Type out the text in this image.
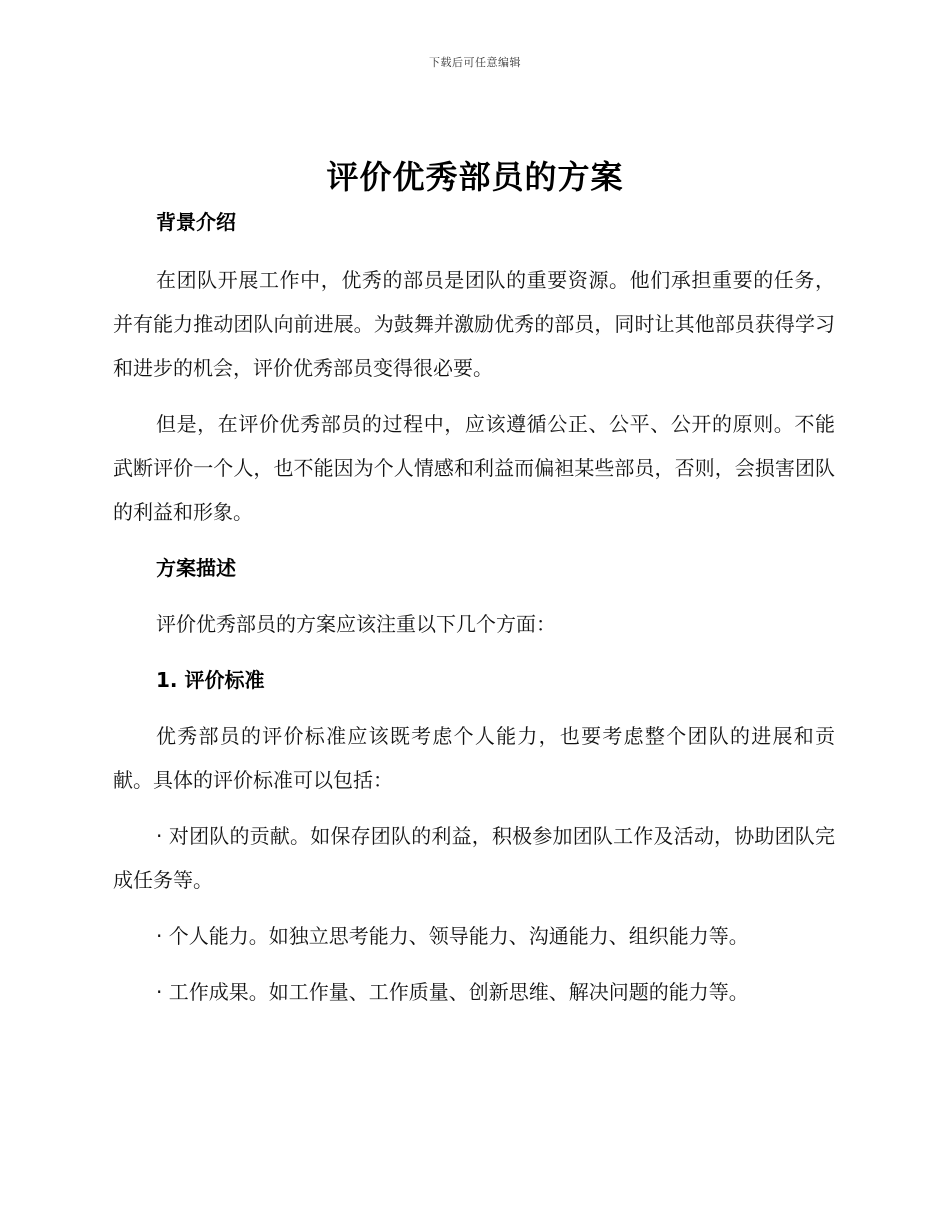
下载后可任意编辑
评价优秀部员的方案

背景介绍

在团队开展工作中，优秀的部员是团队的重要资源。他们承担重要的任务，并有能力推动团队向前进展。为鼓舞并激励优秀的部员，同时让其他部员获得学习和进步的机会，评价优秀部员变得很必要。

但是，在评价优秀部员的过程中，应该遵循公正、公平、公开的原则。不能武断评价一个人，也不能因为个人情感和利益而偏袒某些部员，否则，会损害团队的利益和形象。

方案描述

评价优秀部员的方案应该注重以下几个方面：

1. 评价标准

优秀部员的评价标准应该既考虑个人能力，也要考虑整个团队的进展和贡献。具体的评价标准可以包括：

· 对团队的贡献。如保存团队的利益，积极参加团队工作及活动，协助团队完成任务等。

· 个人能力。如独立思考能力、领导能力、沟通能力、组织能力等。

· 工作成果。如工作量、工作质量、创新思维、解决问题的能力等。
